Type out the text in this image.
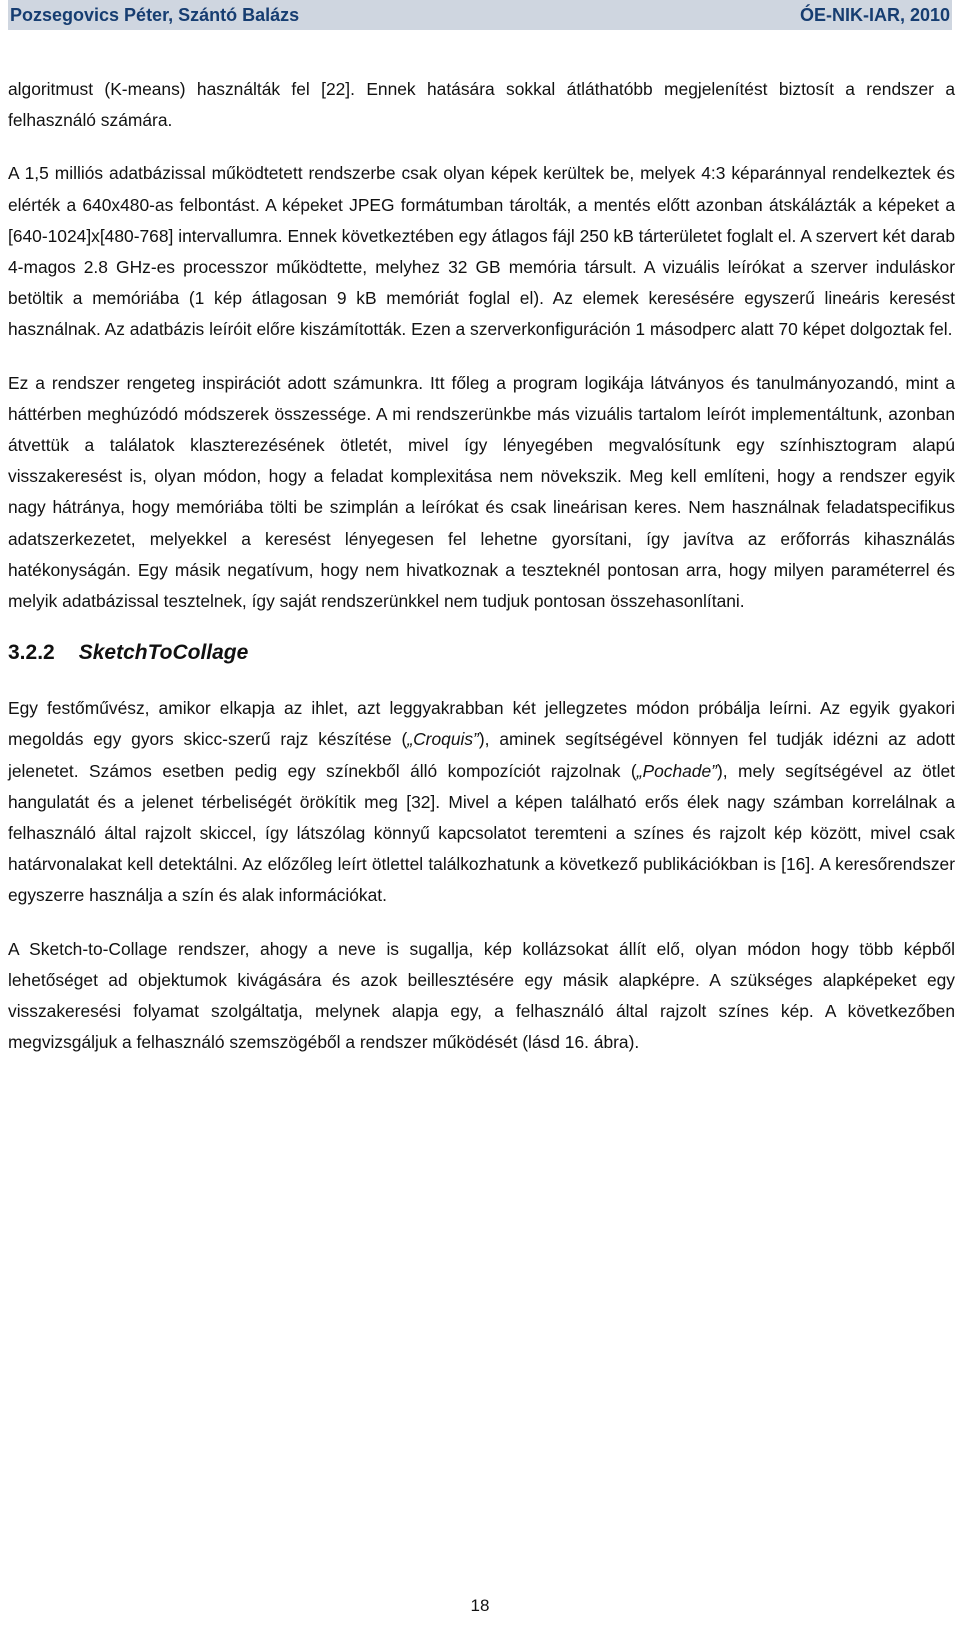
Pozsegovics Péter, Szántó Balázs	ÓE-NIK-IAR, 2010

algoritmust (K-means) használták fel [22]. Ennek hatására sokkal átláthatóbb megjelenítést biztosít a rendszer a felhasználó számára.

A 1,5 milliós adatbázissal működtetett rendszerbe csak olyan képek kerültek be, melyek 4:3 képaránnyal rendelkeztek és elérték a 640x480-as felbontást. A képeket JPEG formátumban tárolták, a mentés előtt azonban átskálázták a képeket a [640-1024]x[480-768] intervallumra. Ennek következtében egy átlagos fájl 250 kB tárterületet foglalt el. A szervert két darab 4-magos 2.8 GHz-es processzor működtette, melyhez 32 GB memória társult. A vizuális leírókat a szerver induláskor betöltik a memóriába (1 kép átlagosan 9 kB memóriát foglal el). Az elemek keresésére egyszerű lineáris keresést használnak. Az adatbázis leíróit előre kiszámították. Ezen a szerverkonfiguráción 1 másodperc alatt 70 képet dolgoztak fel.

Ez a rendszer rengeteg inspirációt adott számunkra. Itt főleg a program logikája látványos és tanulmányozandó, mint a háttérben meghúzódó módszerek összessége. A mi rendszerünkbe más vizuális tartalom leírót implementáltunk, azonban átvettük a találatok klaszterezésének ötletét, mivel így lényegében megvalósítunk egy színhisztogram alapú visszakeresést is, olyan módon, hogy a feladat komplexitása nem növekszik. Meg kell említeni, hogy a rendszer egyik nagy hátránya, hogy memóriába tölti be szimplán a leírókat és csak lineárisan keres. Nem használnak feladatspecifikus adatszerkezetet, melyekkel a keresést lényegesen fel lehetne gyorsítani, így javítva az erőforrás kihasználás hatékonyságán. Egy másik negatívum, hogy nem hivatkoznak a teszteknél pontosan arra, hogy milyen paraméterrel és melyik adatbázissal tesztelnek, így saját rendszerünkkel nem tudjuk pontosan összehasonlítani.

3.2.2 SketchToCollage

Egy festőművész, amikor elkapja az ihlet, azt leggyakrabban két jellegzetes módon próbálja leírni. Az egyik gyakori megoldás egy gyors skicc-szerű rajz készítése („Croquis”), aminek segítségével könnyen fel tudják idézni az adott jelenetet. Számos esetben pedig egy színekből álló kompozíciót rajzolnak („Pochade”), mely segítségével az ötlet hangulatát és a jelenet térbeliségét örökítik meg [32]. Mivel a képen található erős élek nagy számban korrelálnak a felhasználó által rajzolt skiccel, így látszólag könnyű kapcsolatot teremteni a színes és rajzolt kép között, mivel csak határvonalakat kell detektálni. Az előzőleg leírt ötlettel találkozhatunk a következő publikációkban is [16]. A keresőrendszer egyszerre használja a szín és alak információkat.

A Sketch-to-Collage rendszer, ahogy a neve is sugallja, kép kollázsokat állít elő, olyan módon hogy több képből lehetőséget ad objektumok kivágására és azok beillesztésére egy másik alapképre. A szükséges alapképeket egy visszakeresési folyamat szolgáltatja, melynek alapja egy, a felhasználó által rajzolt színes kép. A következőben megvizsgáljuk a felhasználó szemszögéből a rendszer működését (lásd 16. ábra).

18
